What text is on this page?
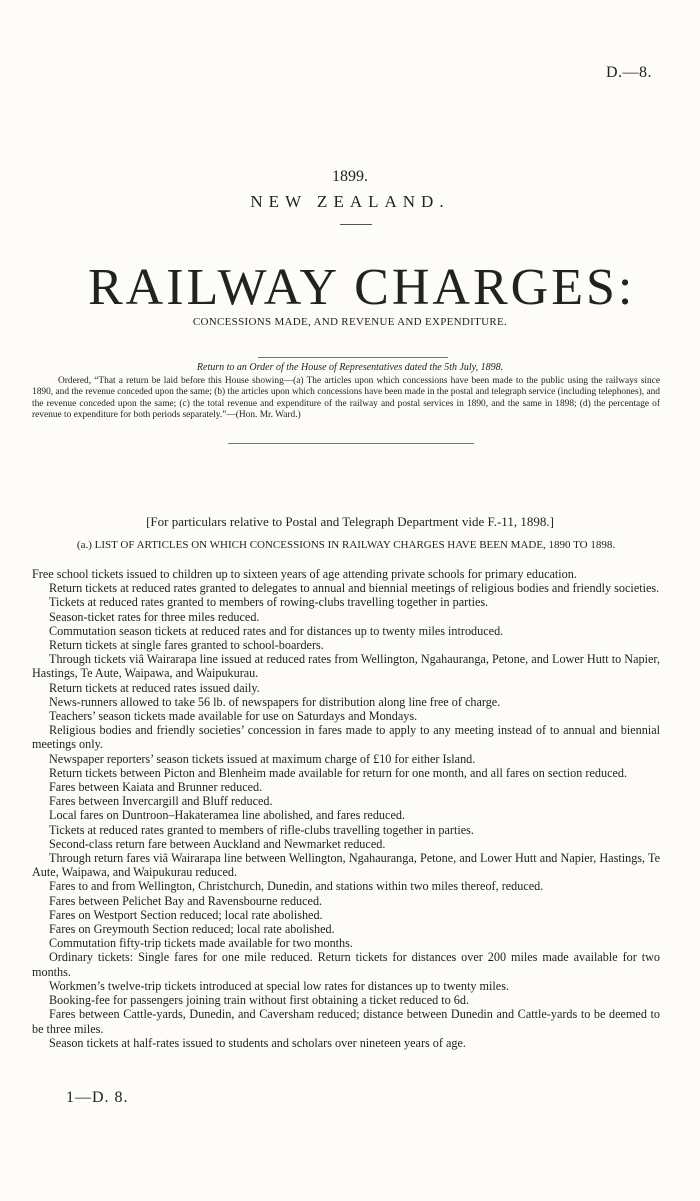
D.—8.
1899.
NEW ZEALAND.
RAILWAY CHARGES:
CONCESSIONS MADE, AND REVENUE AND EXPENDITURE.
Return to an Order of the House of Representatives dated the 5th July, 1898.
Ordered, “That a return be laid before this House showing—(a) The articles upon which concessions have been made to the public using the railways since 1890, and the revenue conceded upon the same; (b) the articles upon which concessions have been made in the postal and telegraph service (including telephones), and the revenue conceded upon the same; (c) the total revenue and expenditure of the railway and postal services in 1890, and the same in 1898; (d) the percentage of revenue to expenditure for both periods separately.”—(Hon. Mr. Ward.)
[For particulars relative to Postal and Telegraph Department vide F.-11, 1898.]
(a.) LIST OF ARTICLES ON WHICH CONCESSIONS IN RAILWAY CHARGES HAVE BEEN MADE, 1890 TO 1898.

Free school tickets issued to children up to sixteen years of age attending private schools for primary education.

Return tickets at reduced rates granted to delegates to annual and biennial meetings of religious bodies and friendly societies.

Tickets at reduced rates granted to members of rowing-clubs travelling together in parties.

Season-ticket rates for three miles reduced.

Commutation season tickets at reduced rates and for distances up to twenty miles introduced.

Return tickets at single fares granted to school-boarders.

Through tickets viâ Wairarapa line issued at reduced rates from Wellington, Ngahauranga, Petone, and Lower Hutt to Napier, Hastings, Te Aute, Waipawa, and Waipukurau.

Return tickets at reduced rates issued daily.

News-runners allowed to take 56 lb. of newspapers for distribution along line free of charge.

Teachers’ season tickets made available for use on Saturdays and Mondays.

Religious bodies and friendly societies’ concession in fares made to apply to any meeting instead of to annual and biennial meetings only.

Newspaper reporters’ season tickets issued at maximum charge of £10 for either Island.

Return tickets between Picton and Blenheim made available for return for one month, and all fares on section reduced.

Fares between Kaiata and Brunner reduced.

Fares between Invercargill and Bluff reduced.

Local fares on Duntroon–Hakateramea line abolished, and fares reduced.

Tickets at reduced rates granted to members of rifle-clubs travelling together in parties.

Second-class return fare between Auckland and Newmarket reduced.

Through return fares viâ Wairarapa line between Wellington, Ngahauranga, Petone, and Lower Hutt and Napier, Hastings, Te Aute, Waipawa, and Waipukurau reduced.

Fares to and from Wellington, Christchurch, Dunedin, and stations within two miles thereof, reduced.

Fares between Pelichet Bay and Ravensbourne reduced.

Fares on Westport Section reduced; local rate abolished.

Fares on Greymouth Section reduced; local rate abolished.

Commutation fifty-trip tickets made available for two months.

Ordinary tickets: Single fares for one mile reduced. Return tickets for distances over 200 miles made available for two months.

Workmen’s twelve-trip tickets introduced at special low rates for distances up to twenty miles.

Booking-fee for passengers joining train without first obtaining a ticket reduced to 6d.

Fares between Cattle-yards, Dunedin, and Caversham reduced; distance between Dunedin and Cattle-yards to be deemed to be three miles.

Season tickets at half-rates issued to students and scholars over nineteen years of age.

1—D. 8.
